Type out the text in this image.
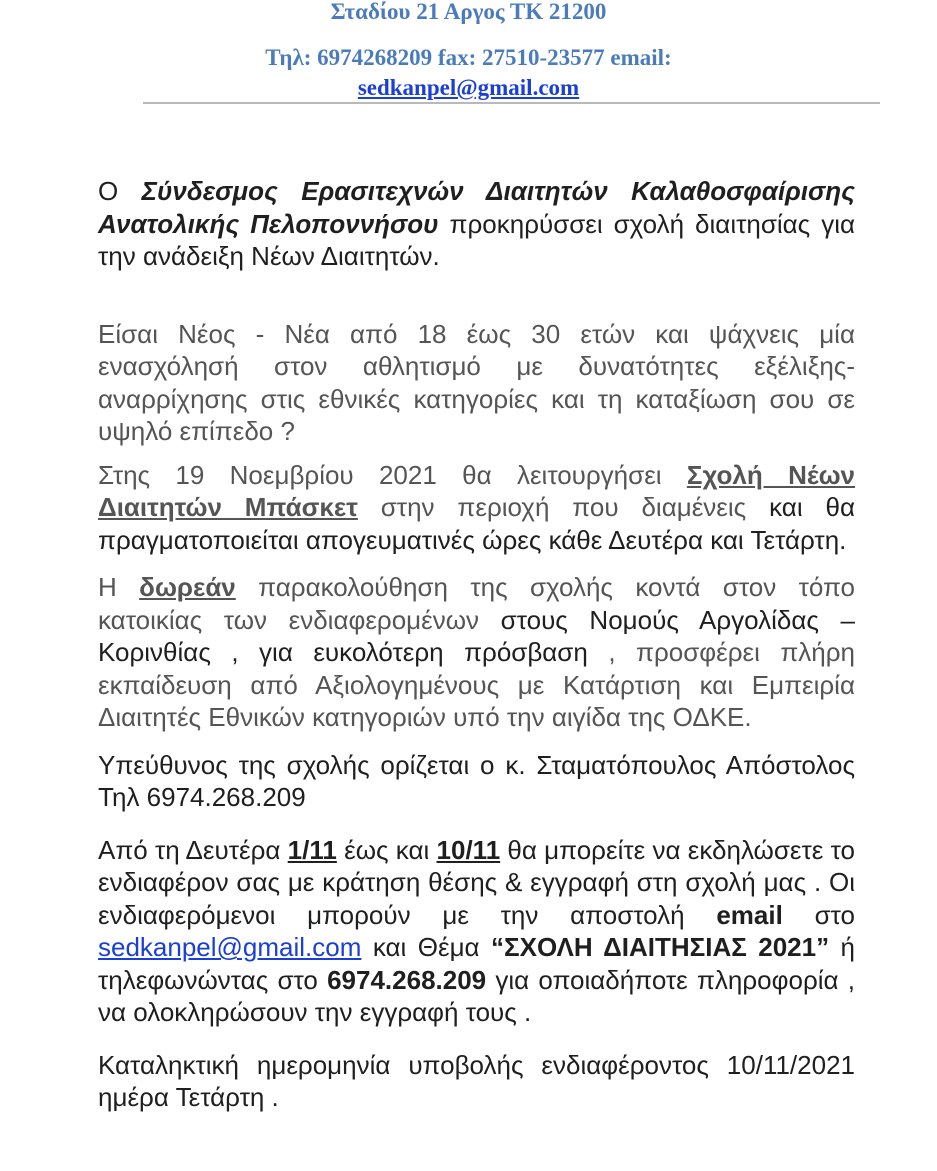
Σταδίου 21 Αργος ΤΚ 21200
Τηλ: 6974268209 fax: 27510-23577 email:
sedkanpel@gmail.com

Ο Σύνδεσμος Ερασιτεχνών Διαιτητών Καλαθοσφαίρισης Ανατολικής Πελοποννήσου προκηρύσσει σχολή διαιτησίας για την ανάδειξη Νέων Διαιτητών.

Είσαι Νέος - Νέα από 18 έως 30 ετών και ψάχνεις μία ενασχόλησή στον αθλητισμό με δυνατότητες εξέλιξης-αναρρίχησης στις εθνικές κατηγορίες και τη καταξίωση σου σε υψηλό επίπεδο ?

Στης 19 Νοεμβρίου 2021 θα λειτουργήσει Σχολή Νέων Διαιτητών Μπάσκετ στην περιοχή που διαμένεις και θα πραγματοποιείται απογευματινές ώρες κάθε Δευτέρα και Τετάρτη.

Η δωρεάν παρακολούθηση της σχολής κοντά στον τόπο κατοικίας των ενδιαφερομένων στους Νομούς Αργολίδας – Κορινθίας , για ευκολότερη πρόσβαση , προσφέρει πλήρη εκπαίδευση από Αξιολογημένους με Κατάρτιση και Εμπειρία Διαιτητές Εθνικών κατηγοριών υπό την αιγίδα της ΟΔΚΕ.

Υπεύθυνος της σχολής ορίζεται ο κ. Σταματόπουλος Απόστολος Τηλ 6974.268.209

Από τη Δευτέρα 1/11 έως και 10/11 θα μπορείτε να εκδηλώσετε το ενδιαφέρον σας με κράτηση θέσης & εγγραφή στη σχολή μας . Οι ενδιαφερόμενοι μπορούν με την αποστολή email στο  sedkanpel@gmail.com και Θέμα “ΣΧΟΛΗ ΔΙΑΙΤΗΣΙΑΣ 2021” ή τηλεφωνώντας στο 6974.268.209 για οποιαδήποτε πληροφορία , να ολοκληρώσουν την εγγραφή τους .

Καταληκτική ημερομηνία υποβολής ενδιαφέροντος 10/11/2021 ημέρα Τετάρτη .
